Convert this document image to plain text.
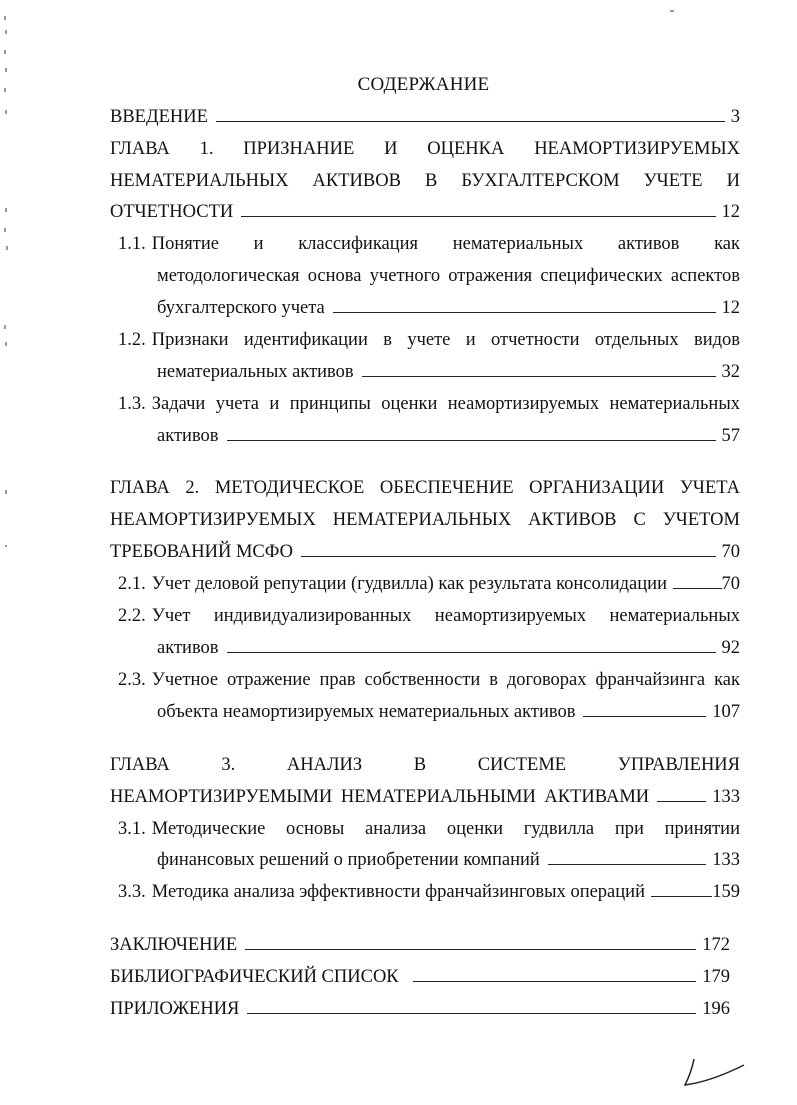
СОДЕРЖАНИЕ
ВВЕДЕНИЕ	3
ГЛАВА 1. ПРИЗНАНИЕ И ОЦЕНКА НЕАМОРТИЗИРУЕМЫХ
НЕМАТЕРИАЛЬНЫХ АКТИВОВ В БУХГАЛТЕРСКОМ УЧЕТЕ И
ОТЧЕТНОСТИ	12
1.1. Понятие и классификация нематериальных активов как
методологическая основа учетного отражения специфических аспектов
бухгалтерского учета	12
1.2. Признаки идентификации в учете и отчетности отдельных видов
нематериальных активов	32
1.3. Задачи учета и принципы оценки неамортизируемых нематериальных
активов	57
ГЛАВА 2. МЕТОДИЧЕСКОЕ ОБЕСПЕЧЕНИЕ ОРГАНИЗАЦИИ УЧЕТА
НЕАМОРТИЗИРУЕМЫХ НЕМАТЕРИАЛЬНЫХ АКТИВОВ С УЧЕТОМ
ТРЕБОВАНИЙ МСФО	70
2.1. Учет деловой репутации (гудвилла) как результата консолидации	70
2.2. Учет индивидуализированных неамортизируемых нематериальных
активов	92
2.3. Учетное отражение прав собственности в договорах франчайзинга как
объекта неамортизируемых нематериальных активов	107
ГЛАВА 3. АНАЛИЗ В СИСТЕМЕ УПРАВЛЕНИЯ
НЕАМОРТИЗИРУЕМЫМИ НЕМАТЕРИАЛЬНЫМИ АКТИВАМИ	133
3.1. Методические основы анализа оценки гудвилла при принятии
финансовых решений о приобретении компаний	133
3.3. Методика анализа эффективности франчайзинговых операций	159
ЗАКЛЮЧЕНИЕ	172
БИБЛИОГРАФИЧЕСКИЙ СПИСОК	179
ПРИЛОЖЕНИЯ	196
